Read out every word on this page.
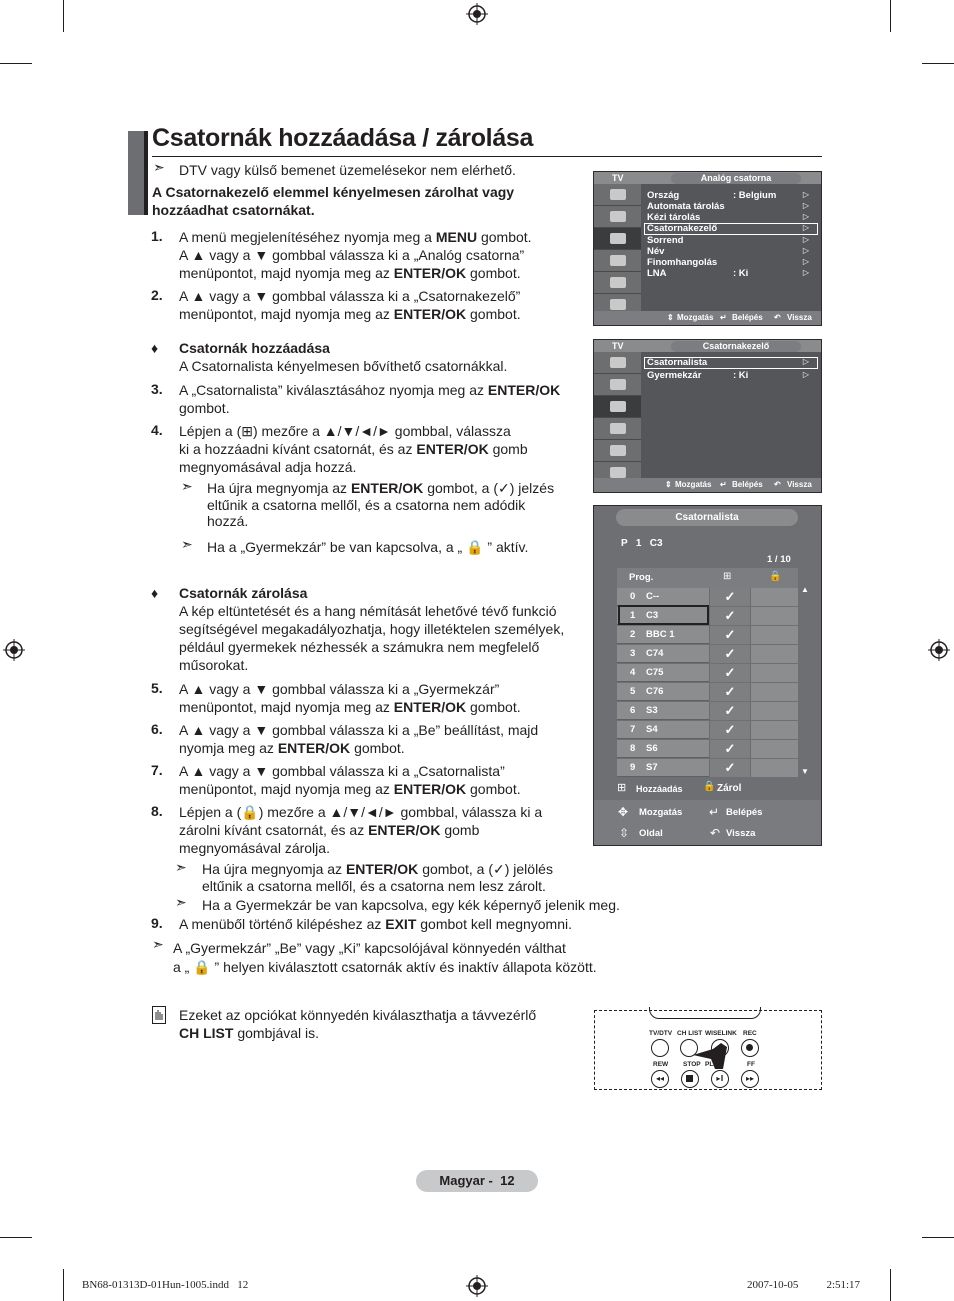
Csatornák hozzáadása / zárolása
➣ DTV vagy külső bemenet üzemelésekor nem elérhető.
A Csatornakezelő elemmel kényelmesen zárolhat vagy hozzáadhat csatornákat.
1. A menü megjelenítéséhez nyomja meg a MENU gombot.
A ▲ vagy a ▼ gombbal válassza ki a „Analóg csatorna”
menüpontot, majd nyomja meg az ENTER/OK gombot.
2. A ▲ vagy a ▼ gombbal válassza ki a „Csatornakezelő”
menüpontot, majd nyomja meg az ENTER/OK gombot.
♦ Csatornák hozzáadása
A Csatornalista kényelmesen bővíthető csatornákkal.
3. A „Csatornalista” kiválasztásához nyomja meg az ENTER/OK
gombot.
4. Lépjen a (⊞) mezőre a ▲/▼/◄/► gombbal, válassza
ki a hozzáadni kívánt csatornát, és az ENTER/OK gomb
megnyomásával adja hozzá.
➣ Ha újra megnyomja az ENTER/OK gombot, a (✓) jelzés
eltűnik a csatorna mellől, és a csatorna nem adódik
hozzá.
➣ Ha a „Gyermekzár” be van kapcsolva, a „ 🔒 ” aktív.
♦ Csatornák zárolása
A kép eltüntetését és a hang némítását lehetővé tévő funkció
segítségével megakadályozhatja, hogy illetéktelen személyek,
például gyermekek nézhessék a számukra nem megfelelő
műsorokat.
5. A ▲ vagy a ▼ gombbal válassza ki a „Gyermekzár”
menüpontot, majd nyomja meg az ENTER/OK gombot.
6. A ▲ vagy a ▼ gombbal válassza ki a „Be” beállítást, majd
nyomja meg az ENTER/OK gombot.
7. A ▲ vagy a ▼ gombbal válassza ki a „Csatornalista”
menüpontot, majd nyomja meg az ENTER/OK gombot.
8. Lépjen a (🔒) mezőre a ▲/▼/◄/► gombbal, válassza ki a
zárolni kívánt csatornát, és az ENTER/OK gomb
megnyomásával zárolja.
➣ Ha újra megnyomja az ENTER/OK gombot, a (✓) jelölés
eltűnik a csatorna mellől, és a csatorna nem lesz zárolt.
➣ Ha a Gyermekzár be van kapcsolva, egy kék képernyő jelenik meg.
9. A menüből történő kilépéshez az EXIT gombot kell megnyomni.
➣ A „Gyermekzár” „Be” vagy „Ki” kapcsolójával könnyedén válthat

a „ 🔒 ” helyen kiválasztott csatornák aktív és inaktív állapota között.
Ezeket az opciókat könnyedén kiválaszthatja a távvezérlő
CH LIST gombjával is.
TV	Analóg csatorna
Ország	: Belgium	▷
Automata tárolás	▷
Kézi tárolás	▷
Csatornakezelő	▷
Sorrend	▷
Név	▷
Finomhangolás	▷
LNA	: Ki	▷
⇕ Mozgatás ↵ Belépés ↶ Vissza
TV	Csatornakezelő
Csatornalista	▷
Gyermekzár	: Ki	▷
⇕ Mozgatás ↵ Belépés ↶ Vissza
Csatornalista
P   1   C3
1 / 10
Prog.	⊞	🔒
0 C--	✓
1 C3	✓
2 BBC 1	✓
3 C74	✓
4 C75	✓
5 C76	✓
6 S3	✓
7 S4	✓
8 S6	✓
9 S7	✓
▲
▼
⊞ Hozzáadás 🔒 Zárol
✥ Mozgatás ↵ Belépés
⇳ Oldal	↶ Vissza
TV/DTV CH LIST WISELINK REC
REW STOP PLAY/	FF
◂◂	▸‖	▸▸
Magyar -  12
BN68-01313D-01Hun-1005.indd   12	2007-10-05   ￿￿ 2:51:17
